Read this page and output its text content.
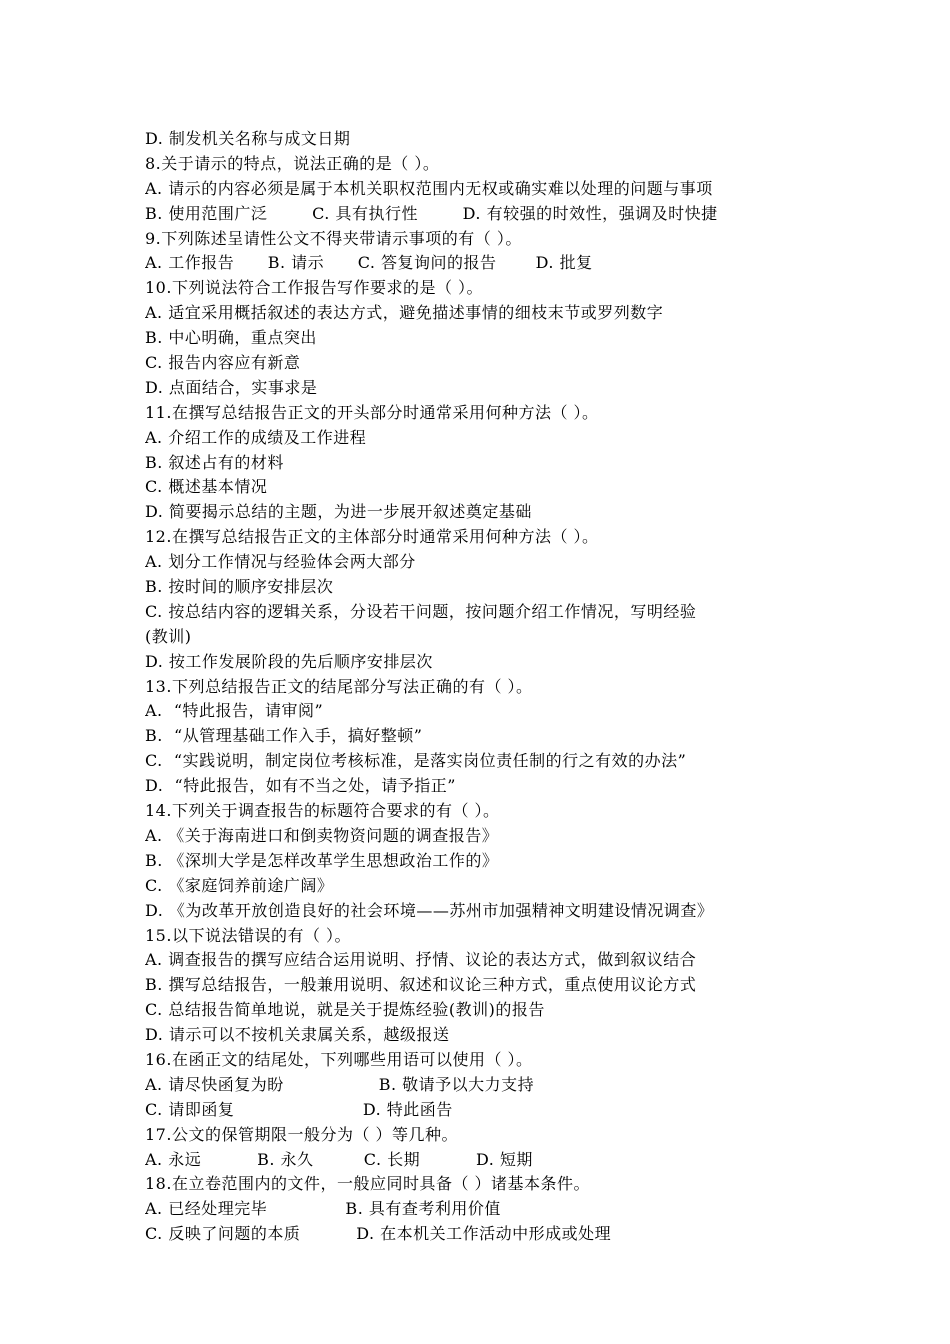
D. 制发机关名称与成文日期
8.关于请示的特点，说法正确的是（ ）。
A. 请示的内容必须是属于本机关职权范围内无权或确实难以处理的问题与事项
B. 使用范围广泛        C. 具有执行性        D. 有较强的时效性，强调及时快捷
9.下列陈述呈请性公文不得夹带请示事项的有（ ）。
A. 工作报告      B. 请示      C. 答复询问的报告       D. 批复
10.下列说法符合工作报告写作要求的是（ ）。
A. 适宜采用概括叙述的表达方式，避免描述事情的细枝末节或罗列数字
B. 中心明确，重点突出
C. 报告内容应有新意
D. 点面结合，实事求是
11.在撰写总结报告正文的开头部分时通常采用何种方法（ ）。
A. 介绍工作的成绩及工作进程
B. 叙述占有的材料
C. 概述基本情况
D. 简要揭示总结的主题，为进一步展开叙述奠定基础
12.在撰写总结报告正文的主体部分时通常采用何种方法（ ）。
A. 划分工作情况与经验体会两大部分
B. 按时间的顺序安排层次
C. 按总结内容的逻辑关系，分设若干问题，按问题介绍工作情况，写明经验
(教训)
D. 按工作发展阶段的先后顺序安排层次
13.下列总结报告正文的结尾部分写法正确的有（ ）。
A.  “特此报告，请审阅”
B.  “从管理基础工作入手，搞好整顿”
C.  “实践说明，制定岗位考核标准，是落实岗位责任制的行之有效的办法”
D.  “特此报告，如有不当之处，请予指正”
14.下列关于调查报告的标题符合要求的有（ ）。
A. 《关于海南进口和倒卖物资问题的调查报告》
B. 《深圳大学是怎样改革学生思想政治工作的》
C. 《家庭饲养前途广阔》
D. 《为改革开放创造良好的社会环境——苏州市加强精神文明建设情况调查》
15.以下说法错误的有（ ）。
A. 调查报告的撰写应结合运用说明、抒情、议论的表达方式，做到叙议结合
B. 撰写总结报告，一般兼用说明、叙述和议论三种方式，重点使用议论方式
C. 总结报告简单地说，就是关于提炼经验(教训)的报告
D. 请示可以不按机关隶属关系，越级报送
16.在函正文的结尾处，下列哪些用语可以使用（ ）。
A. 请尽快函复为盼                 B. 敬请予以大力支持
C. 请即函复                       D. 特此函告
17.公文的保管期限一般分为（ ）等几种。
A. 永远          B. 永久         C. 长期          D. 短期
18.在立卷范围内的文件，一般应同时具备（ ）诸基本条件。
A. 已经处理完毕              B. 具有查考利用价值
C. 反映了问题的本质          D. 在本机关工作活动中形成或处理
